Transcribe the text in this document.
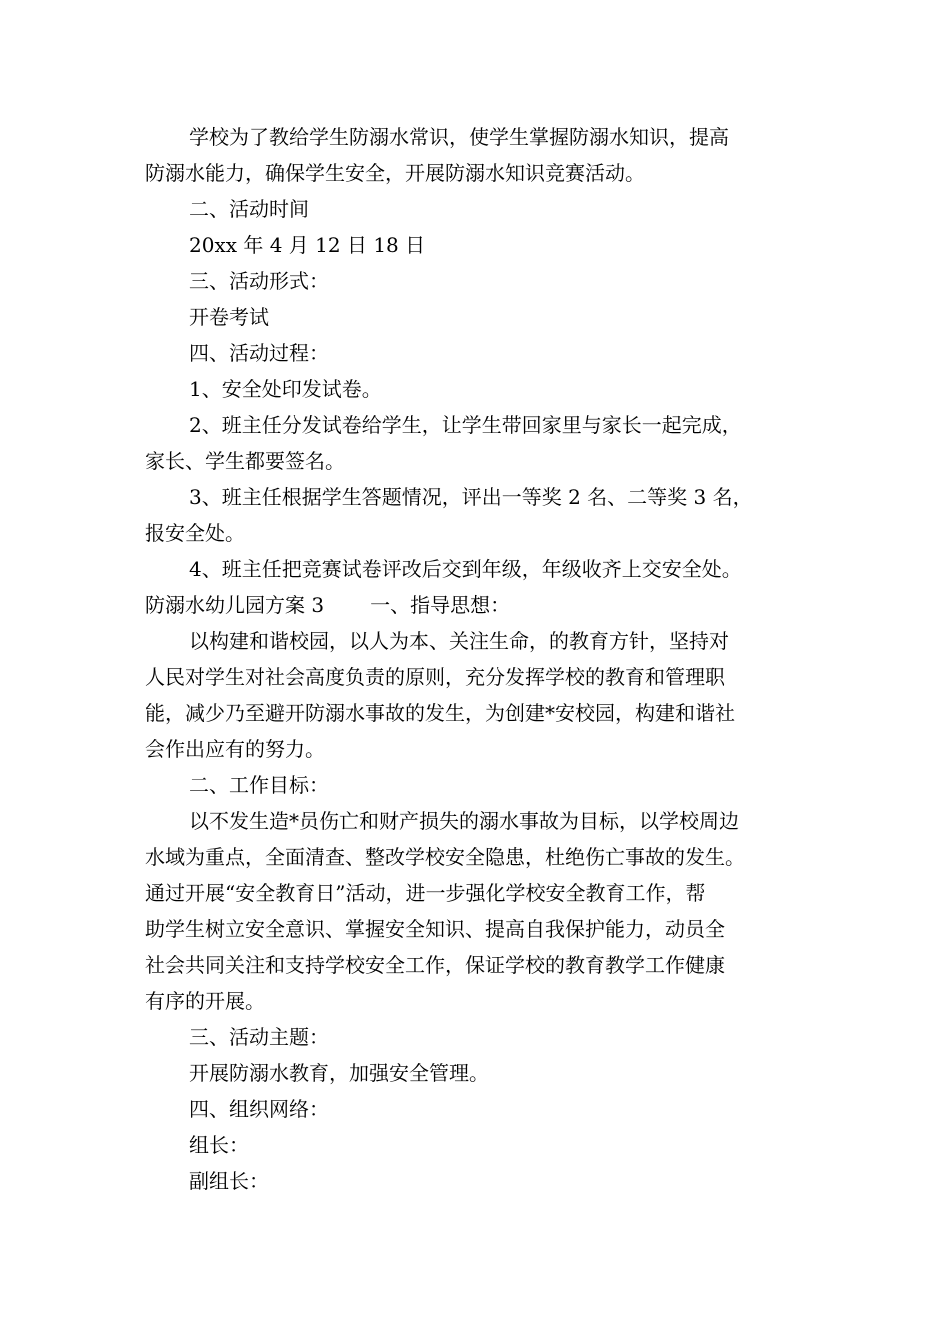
学校为了教给学生防溺水常识，使学生掌握防溺水知识，提高

防溺水能力，确保学生安全，开展防溺水知识竞赛活动。

二、活动时间

20xx 年 4 月 12 日 18 日

三、活动形式：

开卷考试

四、活动过程：

1、安全处印发试卷。

2、班主任分发试卷给学生，让学生带回家里与家长一起完成，

家长、学生都要签名。

3、班主任根据学生答题情况，评出一等奖 2 名、二等奖 3 名，

报安全处。

4、班主任把竞赛试卷评改后交到年级，年级收齐上交安全处。

防溺水幼儿园方案 3 一、指导思想：

以构建和谐校园，以人为本、关注生命，的教育方针，坚持对

人民对学生对社会高度负责的原则，充分发挥学校的教育和管理职

能，减少乃至避开防溺水事故的发生，为创建*安校园，构建和谐社

会作出应有的努力。

二、工作目标：

以不发生造*员伤亡和财产损失的溺水事故为目标，以学校周边

水域为重点，全面清查、整改学校安全隐患，杜绝伤亡事故的发生。

通过开展“安全教育日”活动，进一步强化学校安全教育工作，帮

助学生树立安全意识、掌握安全知识、提高自我保护能力，动员全

社会共同关注和支持学校安全工作，保证学校的教育教学工作健康

有序的开展。

三、活动主题：

开展防溺水教育，加强安全管理。

四、组织网络：

组长：

副组长：
